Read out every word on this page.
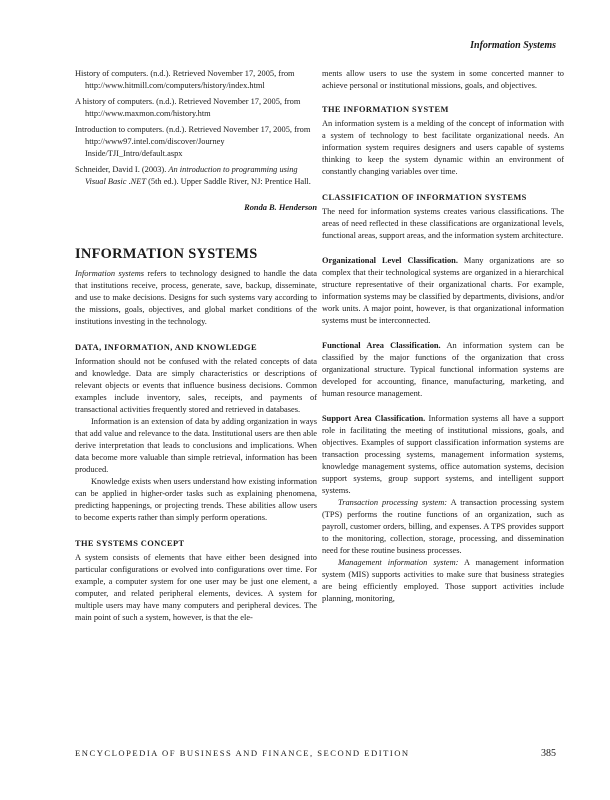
Information Systems

History of computers. (n.d.). Retrieved November 17, 2005, from http://www.hitmill.com/computers/history/index.html

A history of computers. (n.d.). Retrieved November 17, 2005, from http://www.maxmon.com/history.htm

Introduction to computers. (n.d.). Retrieved November 17, 2005, from http://www97.intel.com/discover/Journey Inside/TJI_Intro/default.aspx

Schneider, David I. (2003). An introduction to programming using Visual Basic .NET (5th ed.). Upper Saddle River, NJ: Prentice Hall.

Ronda B. Henderson

INFORMATION SYSTEMS

Information systems refers to technology designed to handle the data that institutions receive, process, generate, save, backup, disseminate, and use to make decisions. Designs for such systems vary according to the missions, goals, objectives, and global market conditions of the institutions investing in the technology.

DATA, INFORMATION, AND KNOWLEDGE

Information should not be confused with the related concepts of data and knowledge. Data are simply characteristics or descriptions of relevant objects or events that influence business decisions. Common examples include inventory, sales, receipts, and payments of transactional activities frequently stored and retrieved in databases.

Information is an extension of data by adding organization in ways that add value and relevance to the data. Institutional users are then able derive interpretation that leads to conclusions and implications. When data become more valuable than simple retrieval, information has been produced.

Knowledge exists when users understand how existing information can be applied in higher-order tasks such as explaining phenomena, predicting happenings, or projecting trends. These abilities allow users to become experts rather than simply perform operations.

THE SYSTEMS CONCEPT

A system consists of elements that have either been designed into particular configurations or evolved into configurations over time. For example, a computer system for one user may be just one element, a computer, and related peripheral elements, devices. A system for multiple users may have many computers and peripheral devices. The main point of such a system, however, is that the ele-

ments allow users to use the system in some concerted manner to achieve personal or institutional missions, goals, and objectives.

THE INFORMATION SYSTEM

An information system is a melding of the concept of information with a system of technology to best facilitate organizational needs. An information system requires designers and users capable of systems thinking to keep the system dynamic within an environment of constantly changing variables over time.

CLASSIFICATION OF INFORMATION SYSTEMS

The need for information systems creates various classifications. The areas of need reflected in these classifications are organizational levels, functional areas, support areas, and the information system architecture.

Organizational Level Classification. Many organizations are so complex that their technological systems are organized in a hierarchical structure representative of their organizational charts. For example, information systems may be classified by departments, divisions, and/or work units. A major point, however, is that organizational information systems must be interconnected.

Functional Area Classification. An information system can be classified by the major functions of the organization that cross organizational structure. Typical functional information systems are developed for accounting, finance, manufacturing, marketing, and human resource management.

Support Area Classification. Information systems all have a support role in facilitating the meeting of institutional missions, goals, and objectives. Examples of support classification information systems are transaction processing systems, management information systems, knowledge management systems, office automation systems, decision support systems, group support systems, and intelligent support systems.

Transaction processing system: A transaction processing system (TPS) performs the routine functions of an organization, such as payroll, customer orders, billing, and expenses. A TPS provides support to the monitoring, collection, storage, processing, and dissemination need for these routine business processes.

Management information system: A management information system (MIS) supports activities to make sure that business strategies are being efficiently employed. Those support activities include planning, monitoring,

ENCYCLOPEDIA OF BUSINESS AND FINANCE, SECOND EDITION	385
